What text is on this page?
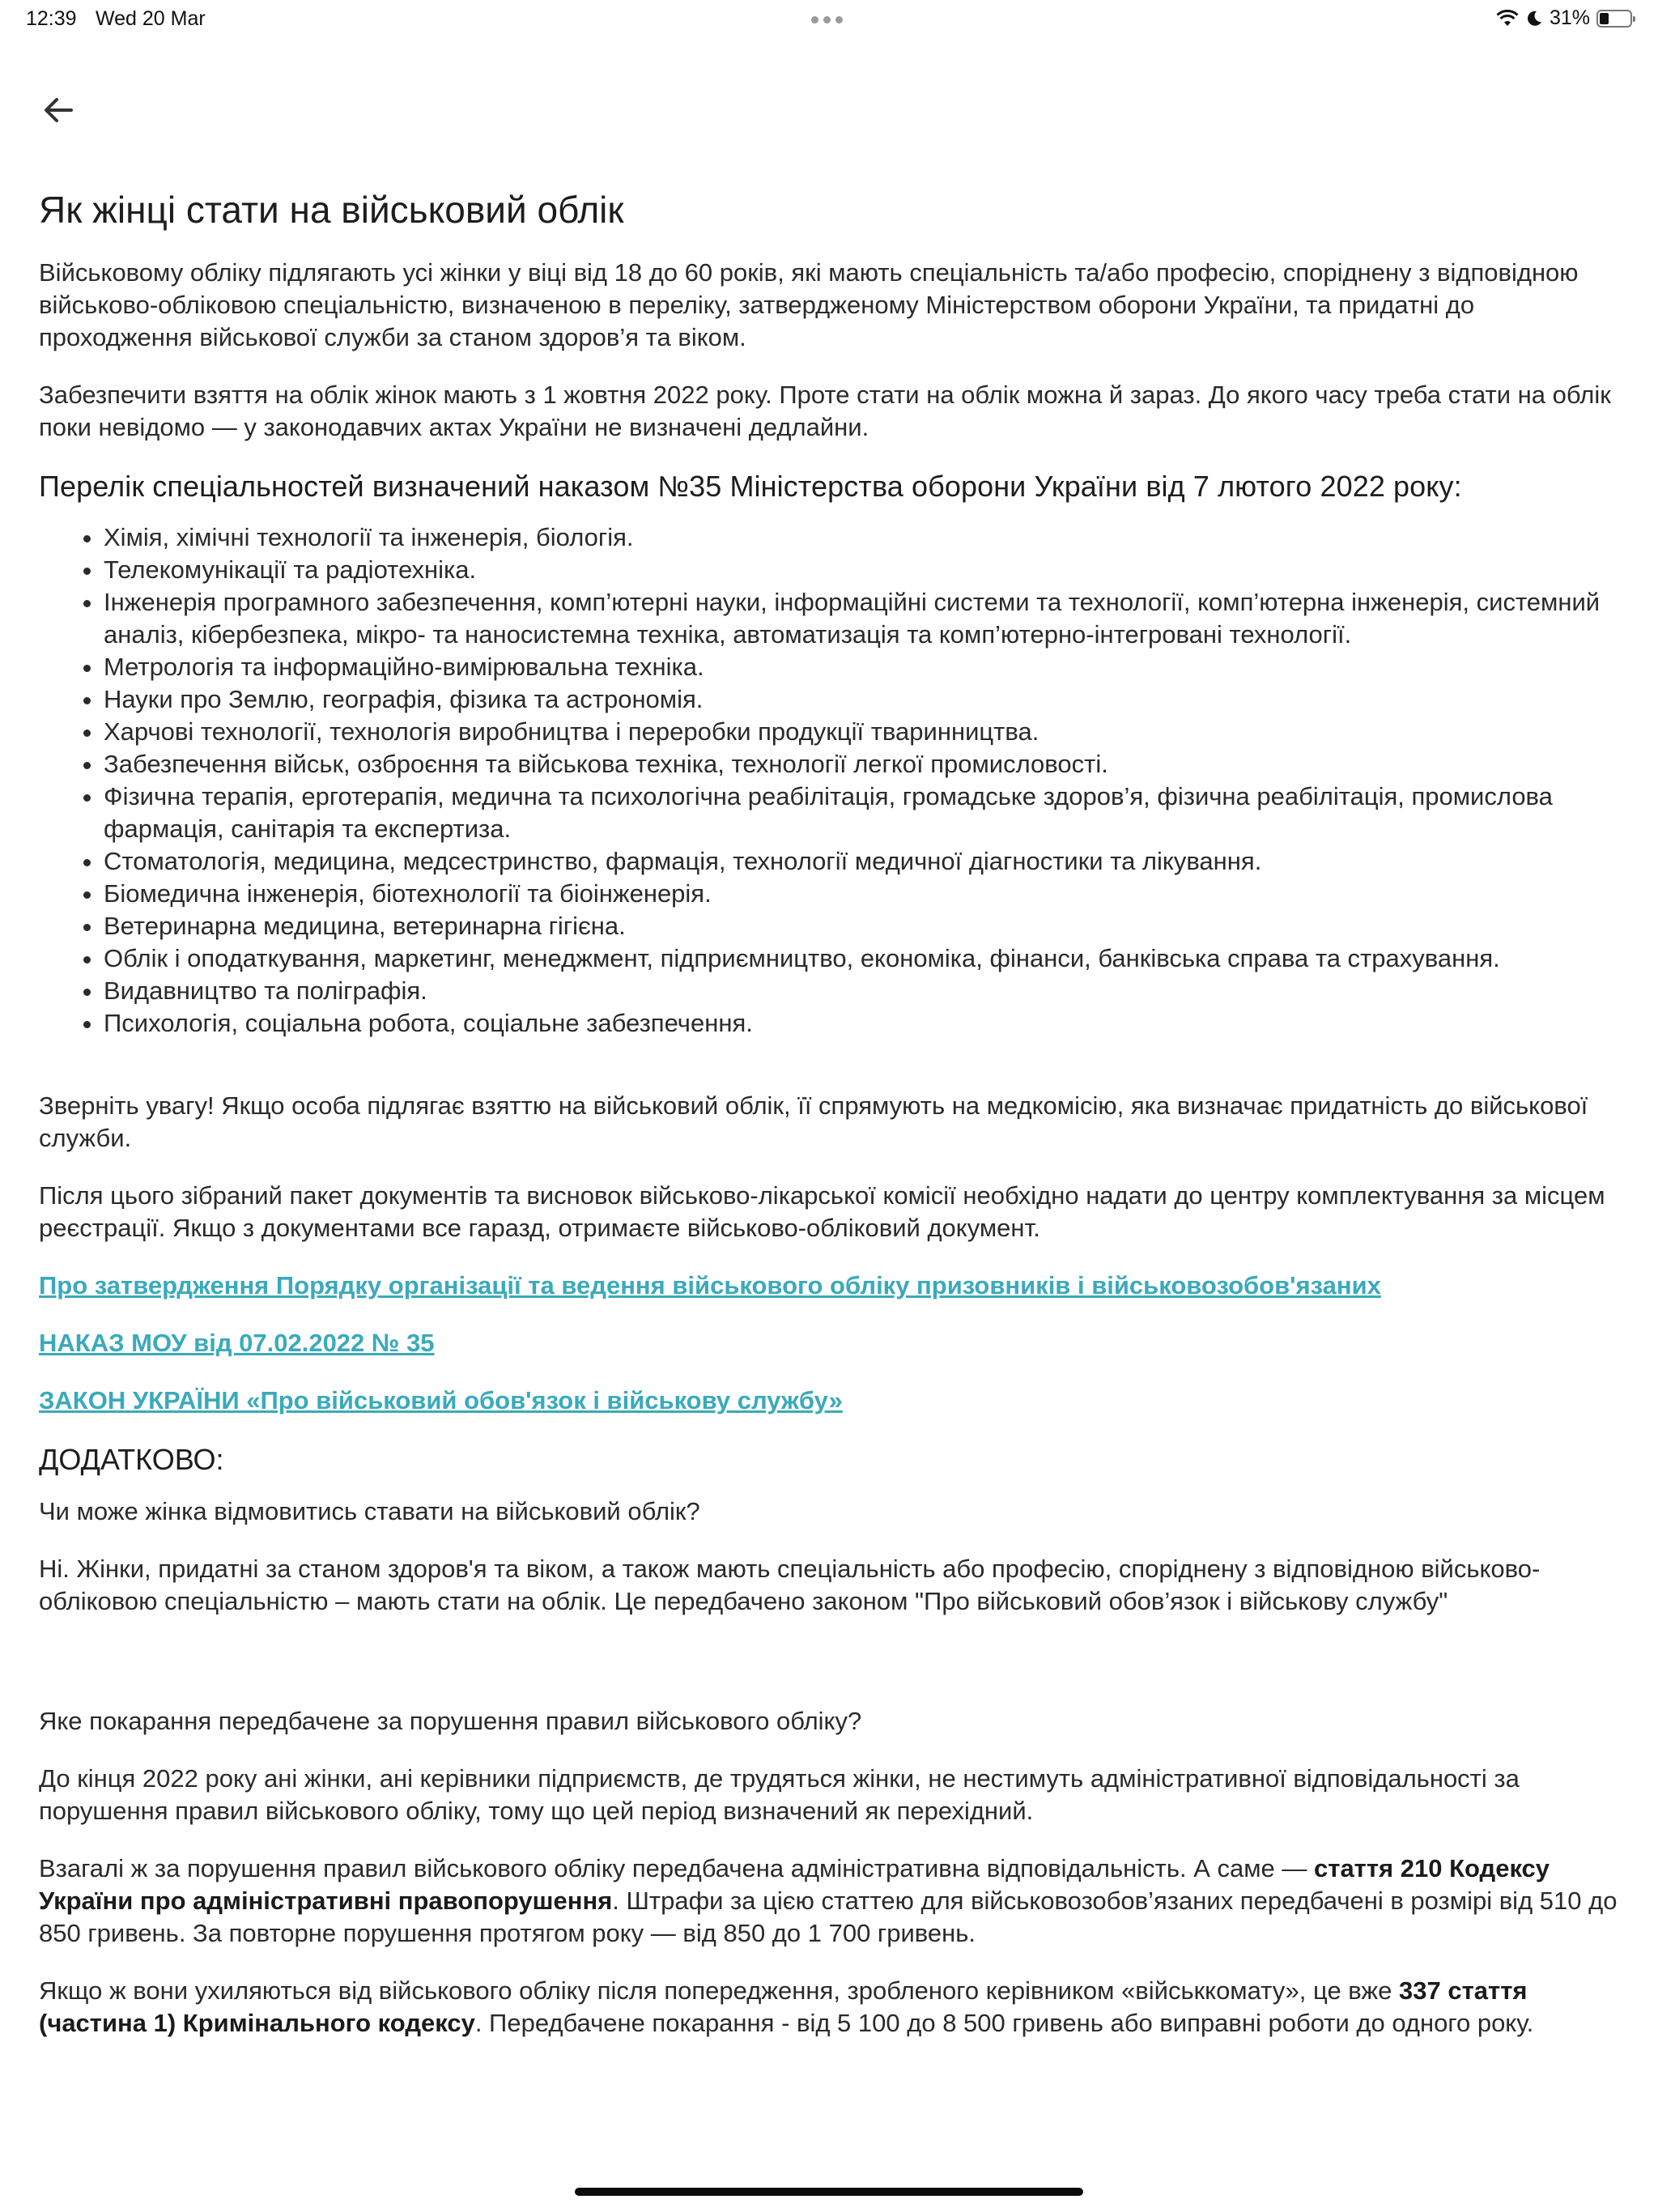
12:39 Wed 20 Mar	31%
Як жінці стати на військовий облік

Військовому обліку підлягають усі жінки у віці від 18 до 60 років, які мають спеціальність та/або професію, споріднену з відповідною військово-обліковою спеціальністю, визначеною в переліку, затвердженому Міністерством оборони України, та придатні до проходження військової служби за станом здоров’я та віком.

Забезпечити взяття на облік жінок мають з 1 жовтня 2022 року. Проте стати на облік можна й зараз. До якого часу треба стати на облік поки невідомо — у законодавчих актах України не визначені дедлайни.

Перелік спеціальностей визначений наказом №35 Міністерства оборони України від 7 лютого 2022 року:
• Хімія, хімічні технології та інженерія, біологія.
• Телекомунікації та радіотехніка.
• Інженерія програмного забезпечення, комп’ютерні науки, інформаційні системи та технології, комп’ютерна інженерія, системний аналіз, кібербезпека, мікро- та наносистемна техніка, автоматизація та комп’ютерно-інтегровані технології.
• Метрологія та інформаційно-вимірювальна техніка.
• Науки про Землю, географія, фізика та астрономія.
• Харчові технології, технологія виробництва і переробки продукції тваринництва.
• Забезпечення військ, озброєння та військова техніка, технології легкої промисловості.
• Фізична терапія, ерготерапія, медична та психологічна реабілітація, громадське здоров’я, фізична реабілітація, промислова фармація, санітарія та експертиза.
• Стоматологія, медицина, медсестринство, фармація, технології медичної діагностики та лікування.
• Біомедична інженерія, біотехнології та біоінженерія.
• Ветеринарна медицина, ветеринарна гігієна.
• Облік і оподаткування, маркетинг, менеджмент, підприємництво, економіка, фінанси, банківська справа та страхування.
• Видавництво та поліграфія.
• Психологія, соціальна робота, соціальне забезпечення.

Зверніть увагу! Якщо особа підлягає взяттю на військовий облік, її спрямують на медкомісію, яка визначає придатність до військової служби.

Після цього зібраний пакет документів та висновок військово-лікарської комісії необхідно надати до центру комплектування за місцем реєстрації. Якщо з документами все гаразд, отримаєте військово-обліковий документ.

Про затвердження Порядку організації та ведення військового обліку призовників і військовозобов'язаних
НАКАЗ МОУ від 07.02.2022 № 35
ЗАКОН УКРАЇНИ «Про військовий обов'язок і військову службу»
ДОДАТКОВО:

Чи може жінка відмовитись ставати на військовий облік?

Ні. Жінки, придатні за станом здоров'я та віком, а також мають спеціальність або професію, споріднену з відповідною військово-обліковою спеціальністю – мають стати на облік. Це передбачено законом "Про військовий обов’язок і військову службу"

Яке покарання передбачене за порушення правил військового обліку?

До кінця 2022 року ані жінки, ані керівники підприємств, де трудяться жінки, не нестимуть адміністративної відповідальності за порушення правил військового обліку, тому що цей період визначений як перехідний.

Взагалі ж за порушення правил військового обліку передбачена адміністративна відповідальність. А саме — стаття 210 Кодексу України про адміністративні правопорушення. Штрафи за цією статтею для військовозобов’язаних передбачені в розмірі від 510 до 850 гривень. За повторне порушення протягом року — від 850 до 1 700 гривень.

Якщо ж вони ухиляються від військового обліку після попередження, зробленого керівником «військкомату», це вже 337 стаття (частина 1) Кримінального кодексу. Передбачене покарання - від 5 100 до 8 500 гривень або виправні роботи до одного року.
